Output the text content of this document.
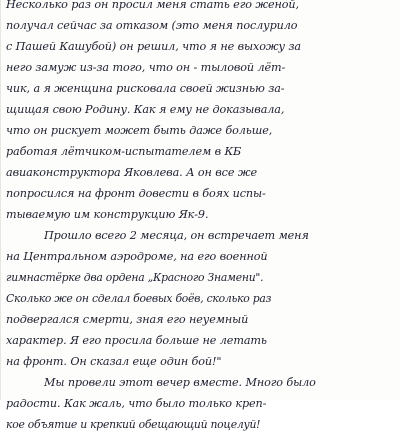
Несколько раз он просил меня стать его женой,
получал сейчас за отказом (это меня послурило
с Пашей Кашубой) он решил, что я не выхожу за
него замуж из-за того, что он - тыловой лёт-
чик, а я женщина рисковала своей жизнью за-
щищая свою Родину. Как я ему не доказывала,
что он рискует может быть даже больше,
работая лётчиком-испытателем в КБ
авиаконструктора Яковлева. А он все же
попросился на фронт довести в боях испы-
тываемую им конструкцию Як-9.
Прошло всего 2 месяца, он встречает меня
на Центральном аэродроме, на его военной
гимнастёрке два ордена „Красного Знамени".
Сколько же он сделал боевых боёв, сколько раз
подвергался смерти, зная его неуемный
характер. Я его просила больше не летать
на фронт. Он сказал еще один бой!"
Мы провели этот вечер вместе. Много было
радости. Как жаль, что было только креп-
кое объятие и крепкий обещающий поцелуй!
